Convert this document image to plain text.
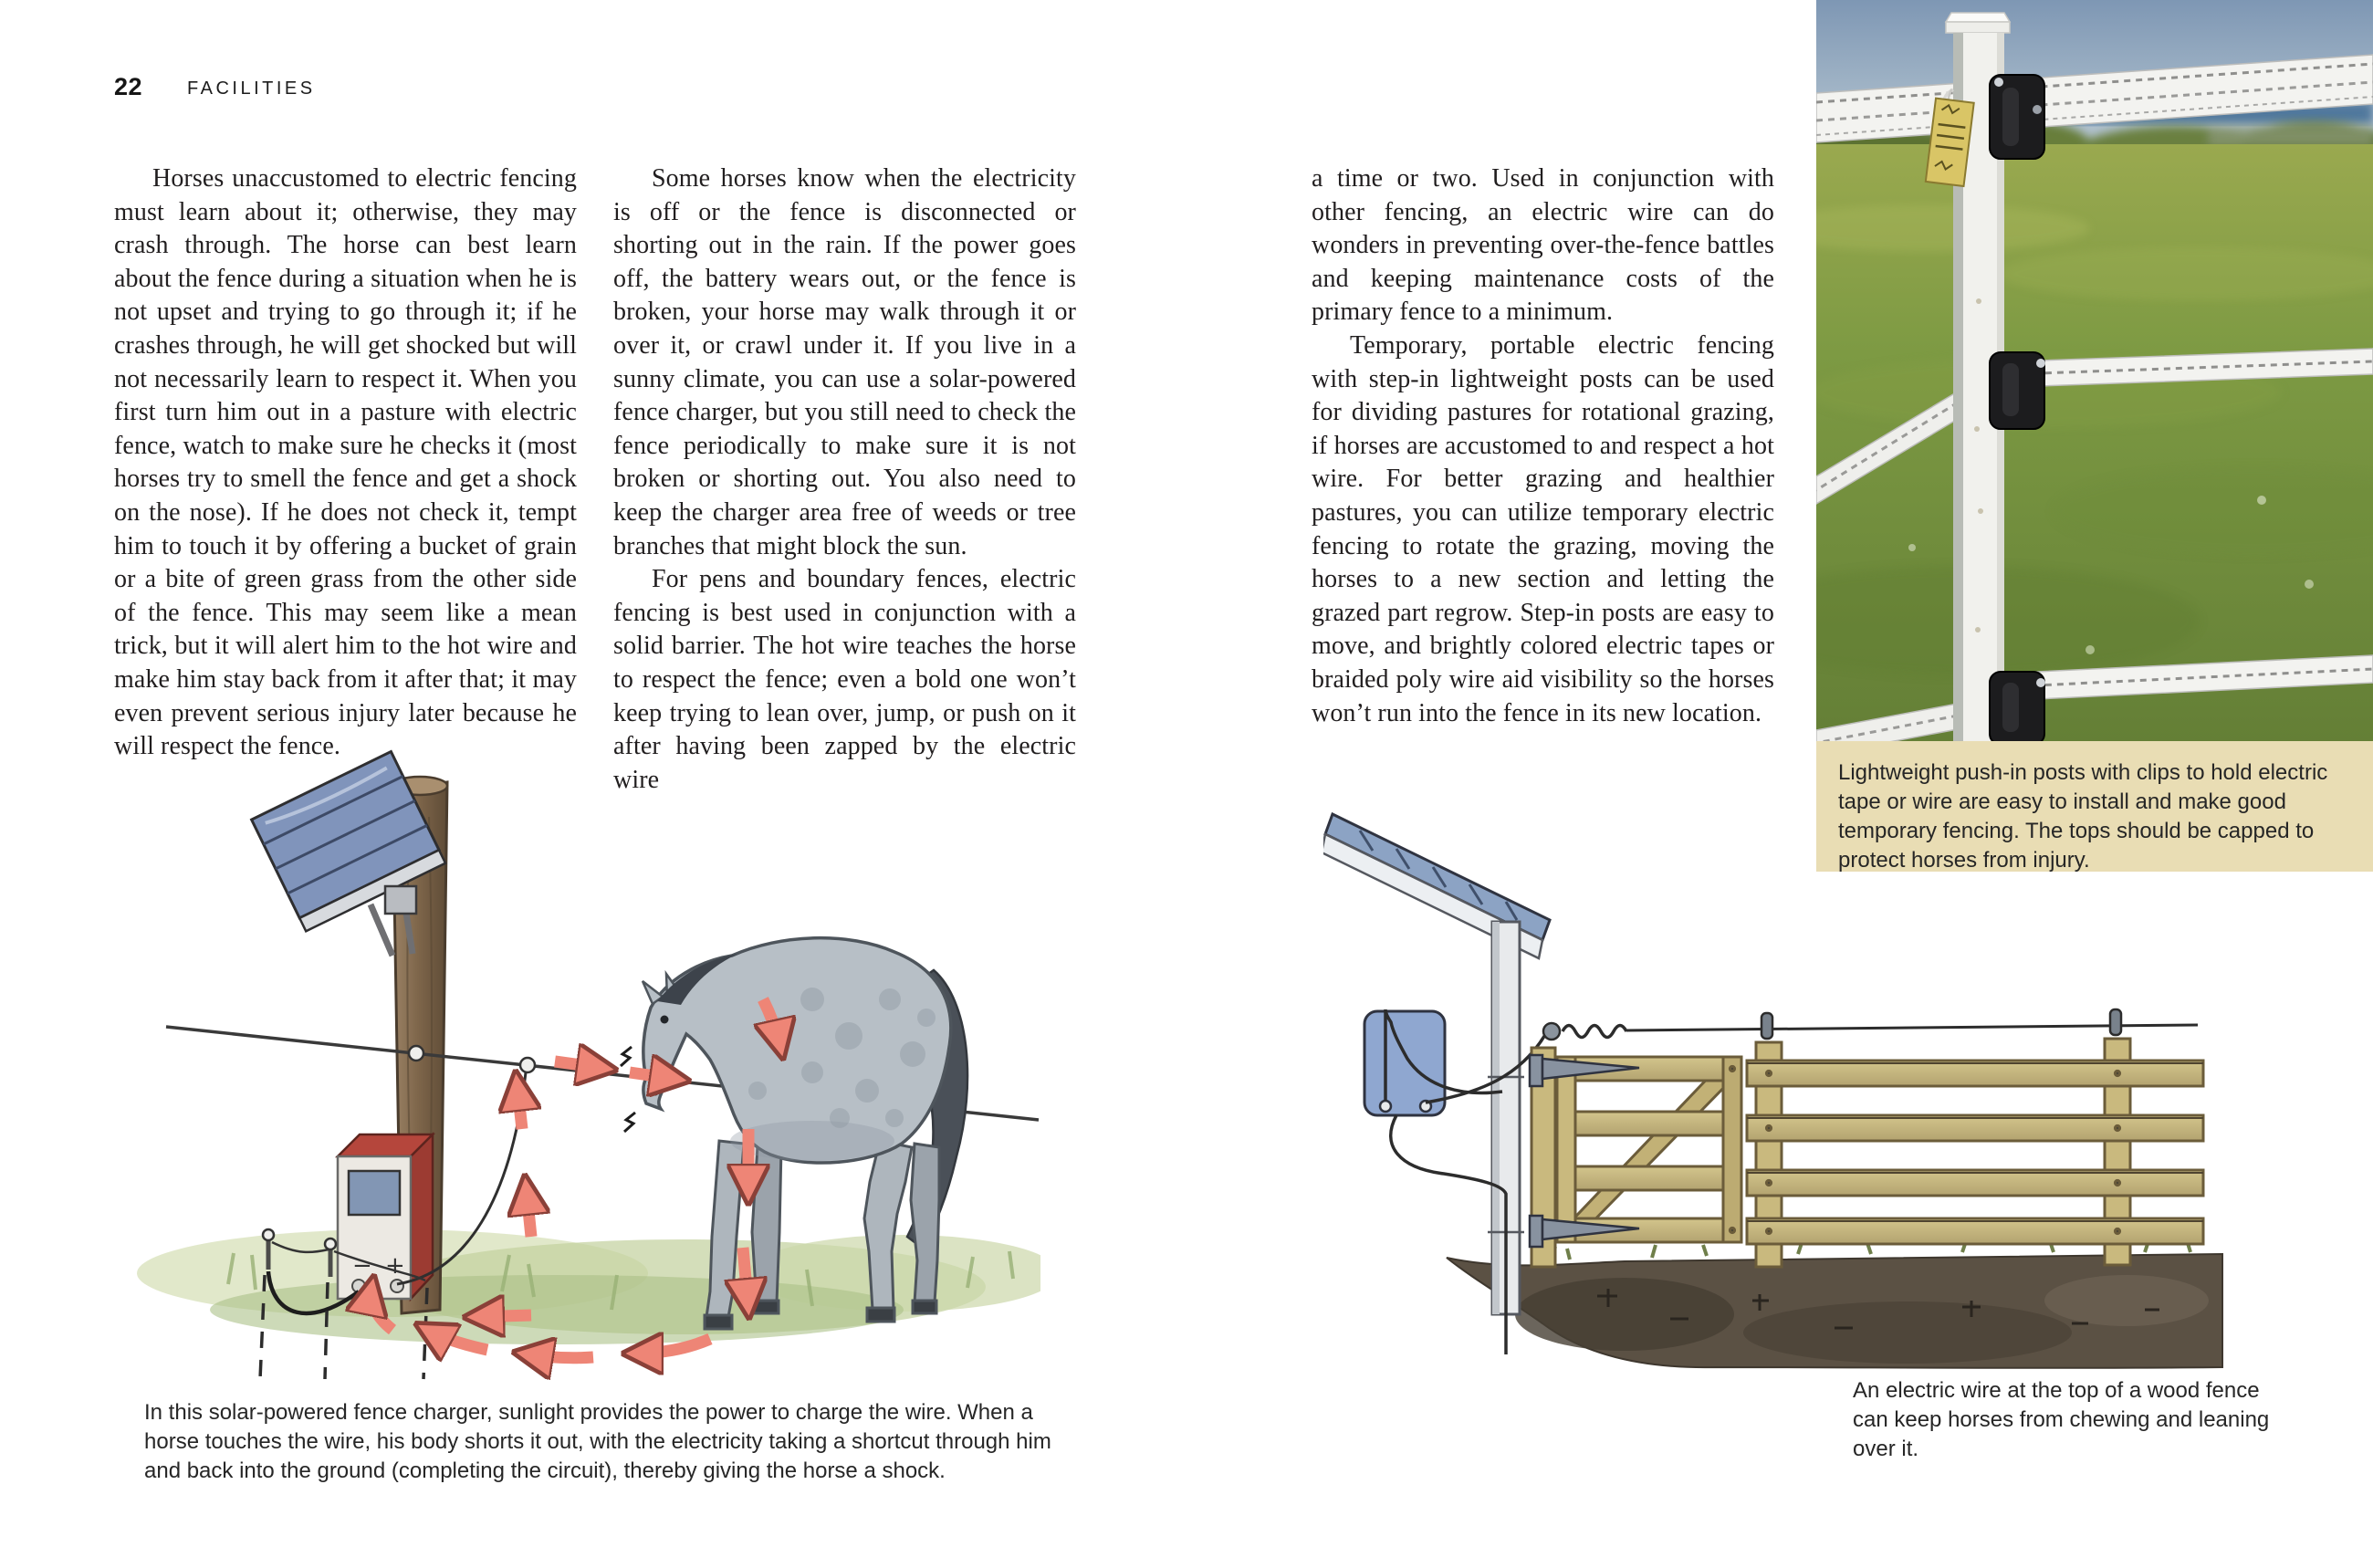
22 FACILITIES

Horses unaccustomed to electric fencing must learn about it; otherwise, they may crash through. The horse can best learn about the fence during a situation when he is not upset and trying to go through it; if he crashes through, he will get shocked but will not necessarily learn to respect it. When you first turn him out in a pasture with electric fence, watch to make sure he checks it (most horses try to smell the fence and get a shock on the nose). If he does not check it, tempt him to touch it by offering a bucket of grain or a bite of green grass from the other side of the fence. This may seem like a mean trick, but it will alert him to the hot wire and make him stay back from it after that; it may even prevent serious injury later because he will respect the fence.

Some horses know when the electricity is off or the fence is disconnected or shorting out in the rain. If the power goes off, the battery wears out, or the fence is broken, your horse may walk through it or over it, or crawl under it. If you live in a sunny climate, you can use a solar-powered fence charger, but you still need to check the fence periodically to make sure it is not broken or shorting out. You also need to keep the charger area free of weeds or tree branches that might block the sun.

For pens and boundary fences, electric fencing is best used in conjunction with a solid barrier. The hot wire teaches the horse to respect the fence; even a bold one won’t keep trying to lean over, jump, or push on it after having been zapped by the electric wire

a time or two. Used in conjunction with other fencing, an electric wire can do wonders in preventing over-the-fence battles and keeping maintenance costs of the primary fence to a minimum.

Temporary, portable electric fencing with step-in lightweight posts can be used for dividing pastures for rotational grazing, if horses are accustomed to and respect a hot wire. For better grazing and healthier pastures, you can utilize temporary electric fencing to rotate the grazing, moving the horses to a new section and letting the grazed part regrow. Step-in posts are easy to move, and brightly colored electric tapes or braided poly wire aid visibility so the horses won’t run into the fence in its new location.

Lightweight push-in posts with clips to hold electric tape or wire are easy to install and make good temporary fencing. The tops should be capped to protect horses from injury.
− +
In this solar-powered fence charger, sunlight provides the power to charge the wire. When a horse touches the wire, his body shorts it out, with the electricity taking a shortcut through him and back into the ground (completing the circuit), thereby giving the horse a shock.
An electric wire at the top of a wood fence can keep horses from chewing and leaning over it.
